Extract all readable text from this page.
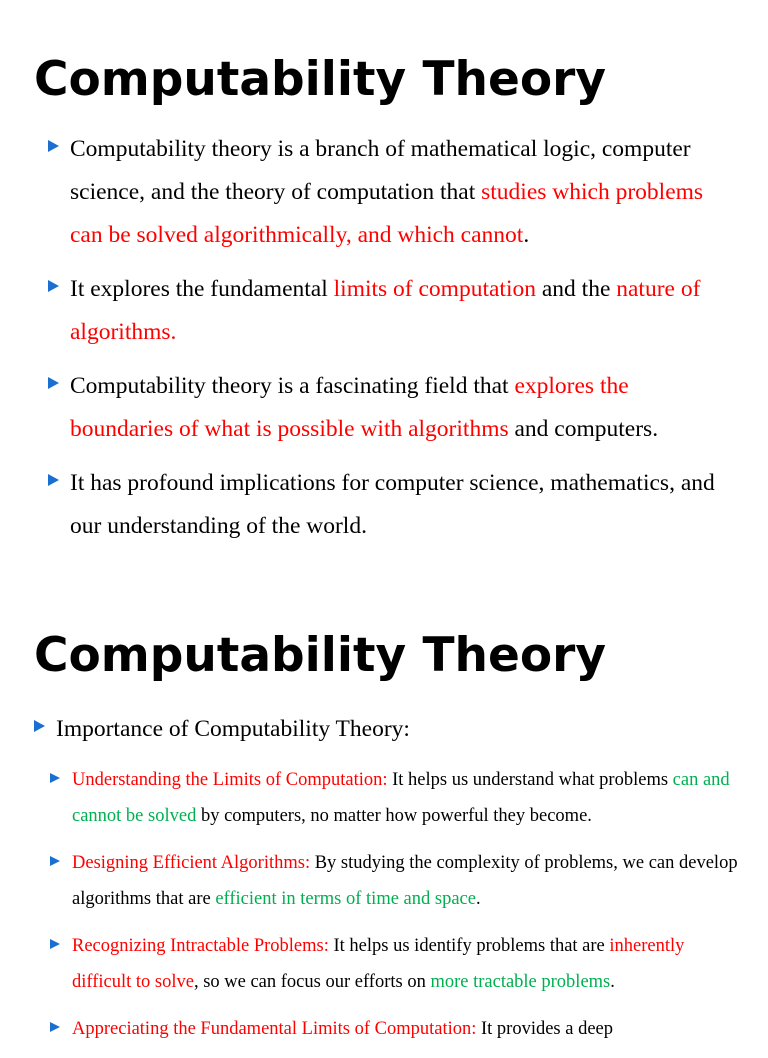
Computability Theory
Computability theory is a branch of mathematical logic, computer science, and the theory of computation that studies which problems can be solved algorithmically, and which cannot.
It explores the fundamental limits of computation and the nature of algorithms.
Computability theory is a fascinating field that explores the boundaries of what is possible with algorithms and computers.
It has profound implications for computer science, mathematics, and our understanding of the world.
Computability Theory
Importance of Computability Theory:
Understanding the Limits of Computation: It helps us understand what problems can and cannot be solved by computers, no matter how powerful they become.
Designing Efficient Algorithms: By studying the complexity of problems, we can develop algorithms that are efficient in terms of time and space.
Recognizing Intractable Problems: It helps us identify problems that are inherently difficult to solve, so we can focus our efforts on more tractable problems.
Appreciating the Fundamental Limits of Computation: It provides a deep
